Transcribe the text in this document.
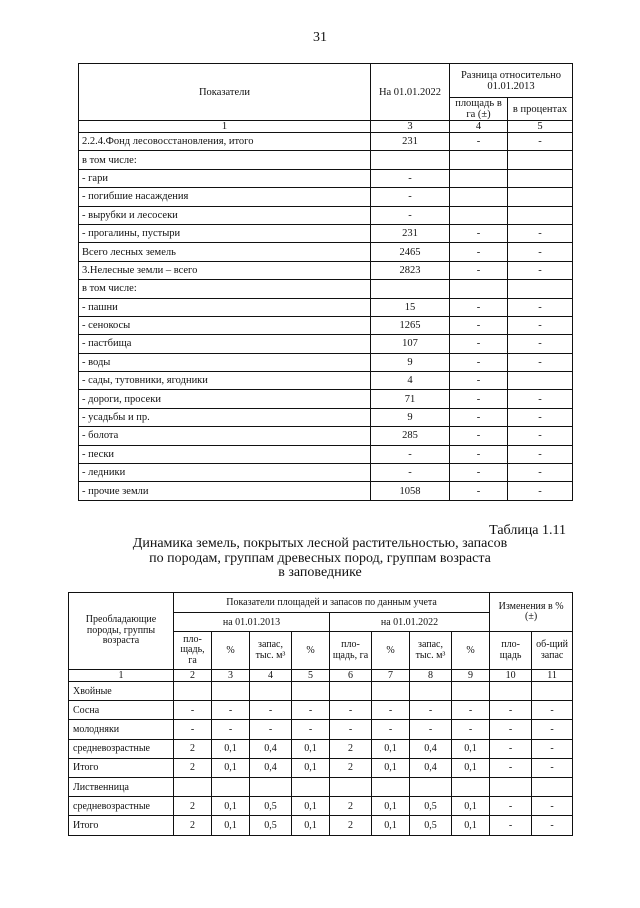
31
Показатели	На 01.01.2022	Разница относительно 01.01.2013	
		площадь в га (±)	в процентах
1	3	4	5
2.2.4.Фонд лесовосстановления, итого	231	-	-
в том числе:			
- гари	-		
- погибшие насаждения	-		
- вырубки и лесосеки	-		
- прогалины, пустыри	231	-	-
Всего лесных земель	2465	-	-
3.Нелесные земли – всего	2823	-	-
в том числе:			
- пашни	15	-	-
- сенокосы	1265	-	-
- пастбища	107	-	-
- воды	9	-	-
- сады, тутовники, ягодники	4	-	
- дороги, просеки	71	-	-
- усадьбы и пр.	9	-	-
- болота	285	-	-
- пески	-	-	-
- ледники	-	-	-
- прочие земли	1058	-	-
Таблица 1.11
Динамика земель, покрытых лесной растительностью, запасов
по породам, группам древесных пород, группам возраста
в заповеднике
Преобладающие породы, группы возраста	Показатели площадей и запасов по данным учета								Изменения в % (±)	
	на 01.01.2013				на 01.01.2022					
	пло-щадь, га	%	запас, тыс. м³	%	пло-щадь, га	%	запас, тыс. м³	%	пло-щадь	об-щий запас
1	2	3	4	5	6	7	8	9	10	11
Хвойные										
Сосна	-	-	-	-	-	-	-	-	-	-
молодняки	-	-	-	-	-	-	-	-	-	-
средневозрастные	2	0,1	0,4	0,1	2	0,1	0,4	0,1	-	-
Итого	2	0,1	0,4	0,1	2	0,1	0,4	0,1	-	-
Лиственница										
средневозрастные	2	0,1	0,5	0,1	2	0,1	0,5	0,1	-	-
Итого	2	0,1	0,5	0,1	2	0,1	0,5	0,1	-	-
